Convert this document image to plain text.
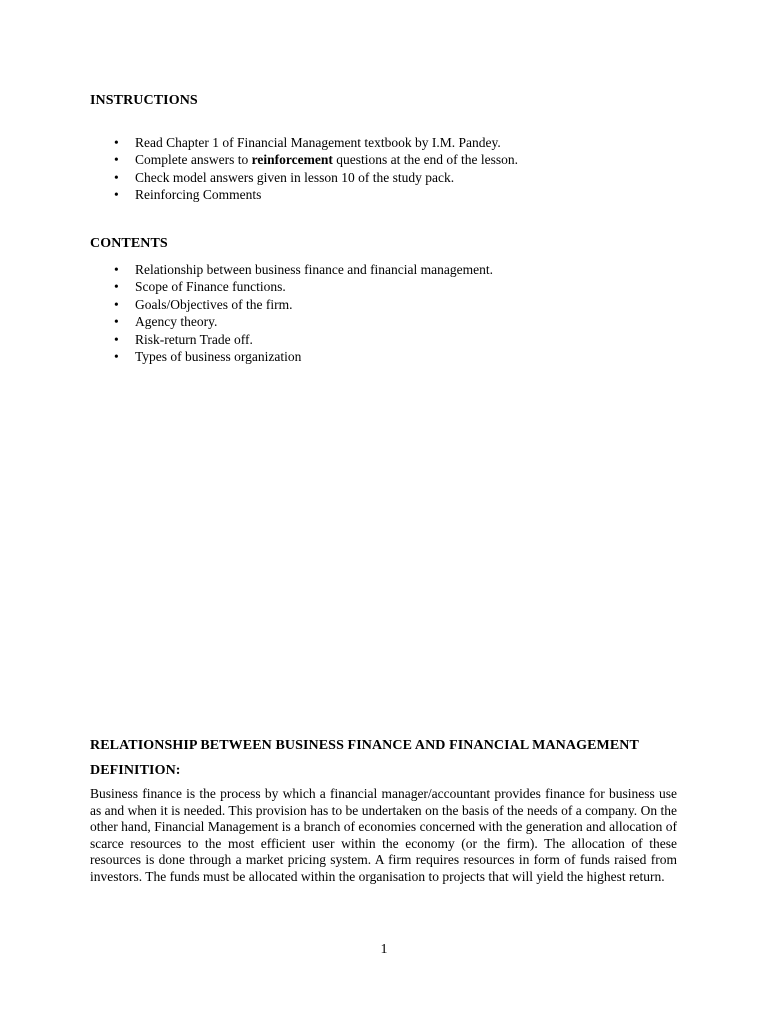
INSTRUCTIONS
• Read Chapter 1 of Financial Management textbook by I.M. Pandey.
• Complete answers to reinforcement questions at the end of the lesson.
• Check model answers given in lesson 10 of the study pack.
• Reinforcing Comments
CONTENTS
• Relationship between business finance and financial management.
• Scope of Finance functions.
• Goals/Objectives of the firm.
• Agency theory.
• Risk-return Trade off.
• Types of business organization
RELATIONSHIP BETWEEN BUSINESS FINANCE AND FINANCIAL MANAGEMENT
DEFINITION:

Business finance is the process by which a financial manager/accountant provides finance for business use as and when it is needed. This provision has to be undertaken on the basis of the needs of a company. On the other hand, Financial Management is a branch of economies concerned with the generation and allocation of scarce resources to the most efficient user within the economy (or the firm). The allocation of these resources is done through a market pricing system. A firm requires resources in form of funds raised from investors. The funds must be allocated within the organisation to projects that will yield the highest return.

1
